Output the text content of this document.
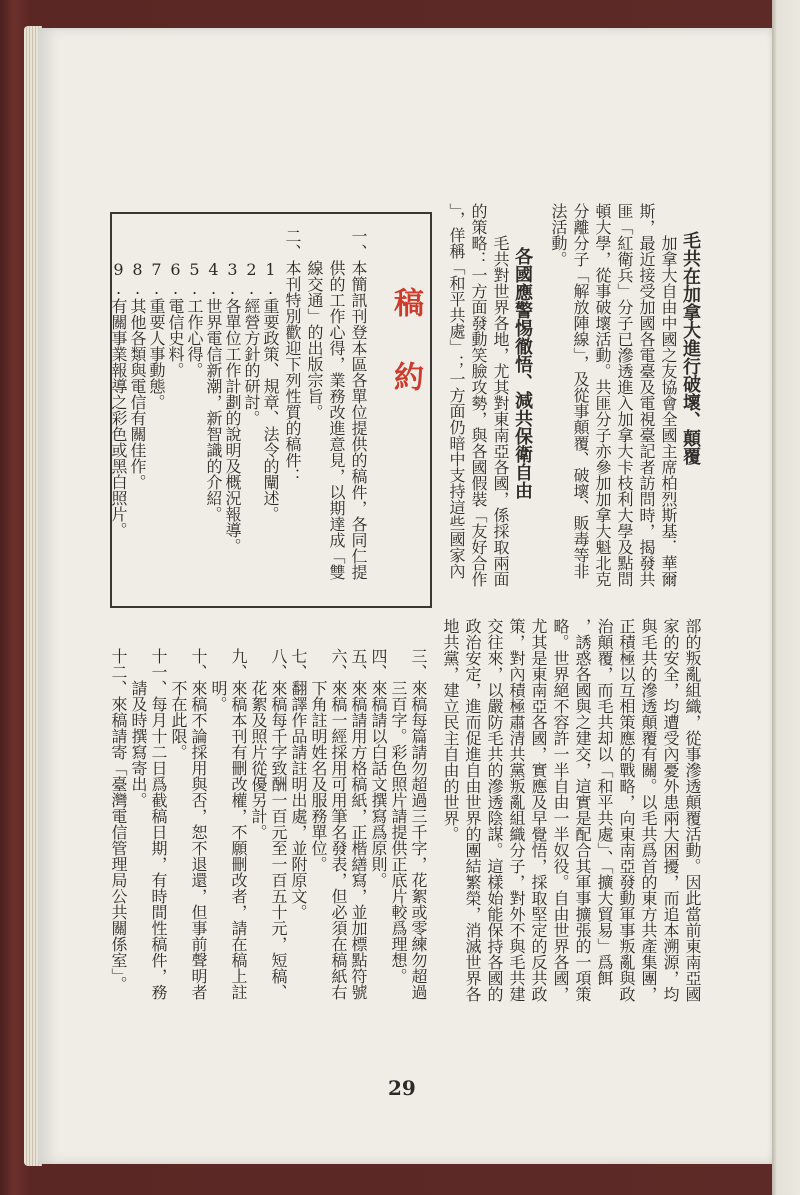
毛共在加拿大進行破壞、顛覆
加拿大自由中國之友協會全國主席柏烈斯基．華爾
斯，最近接受加國各電臺及電視臺記者訪問時，揭發共
匪「紅衛兵」分子已滲透進入加拿大卡枝利大學及點問
頓大學，從事破壞活動。共匪分子亦參加加拿大魁北克
分離分子「解放陣線」，及從事顛覆、破壞、販毒等非
法活動。
各國應警惕徹悟、減共保衛自由
毛共對世界各地，尤其對東南亞各國，係採取兩面
的策略：一方面發動笑臉攻勢，與各國假裝「友好合作
」，佯稱「和平共處」；一方面仍暗中支持這些國家內
部的叛亂組織，從事滲透顛覆活動。因此當前東南亞國
家的安全，均遭受內憂外患兩大困擾，而追本溯源，均
與毛共的滲透顛覆有關。以毛共爲首的東方共產集團，
正積極以互相策應的戰略，向東南亞發動軍事叛亂與政
治顛覆，而毛共却以「和平共處」、「擴大貿易」爲餌
，誘惑各國與之建交，這實是配合其軍事擴張的一項策
略。世界絕不容許一半自由一半奴役。自由世界各國，
尤其是東南亞各國，實應及早覺悟，採取堅定的反共政
策，對內積極肅清共黨叛亂組織分子，對外不與毛共建
交往來，以嚴防毛共的滲透陰謀。這樣始能保持各國的
政治安定，進而促進自由世界的團結繁榮，消滅世界各
地共黨，建立民主自由的世界。
稿約
一、本簡訊刊登本區各單位提供的稿件，各同仁提
供的工作心得，業務改進意見，以期達成「雙
線交通」的出版宗旨。
二、本刊特別歡迎下列性質的稿件：
1.重要政策、規章、法令的闡述。
2.經營方針的研討。
3.各單位工作計劃的說明及概況報導。
4.世界電信新潮，新智識的介紹。
5.工作心得。
6.電信史料。
7.重要人事動態。
8.其他各類與電信有關佳作。
9.有關事業報導之彩色或黑白照片。
三、來稿每篇請勿超過三千字，花絮或零練勿超過
三百字。彩色照片請提供正底片較爲理想。
四、來稿請以白話文撰寫爲原則。
五、來稿請用方格稿紙，正楷繕寫，並加標點符號
六、來稿一經採用可用筆名發表，但必須在稿紙右
下角註明姓名及服務單位。
七、翻譯作品請註明出處，並附原文。
八、來稿每千字致酬一百元至一百五十元，短稿、
花絮及照片從優另計。
九、來稿本刊有刪改權，不願刪改者，請在稿上註
明。
十、來稿不論採用與否，恕不退還，但事前聲明者
不在此限。
十一、每月十二日爲截稿日期，有時間性稿件，務
請及時撰寫寄出。
十二、來稿請寄「臺灣電信管理局公共關係室」。
29
